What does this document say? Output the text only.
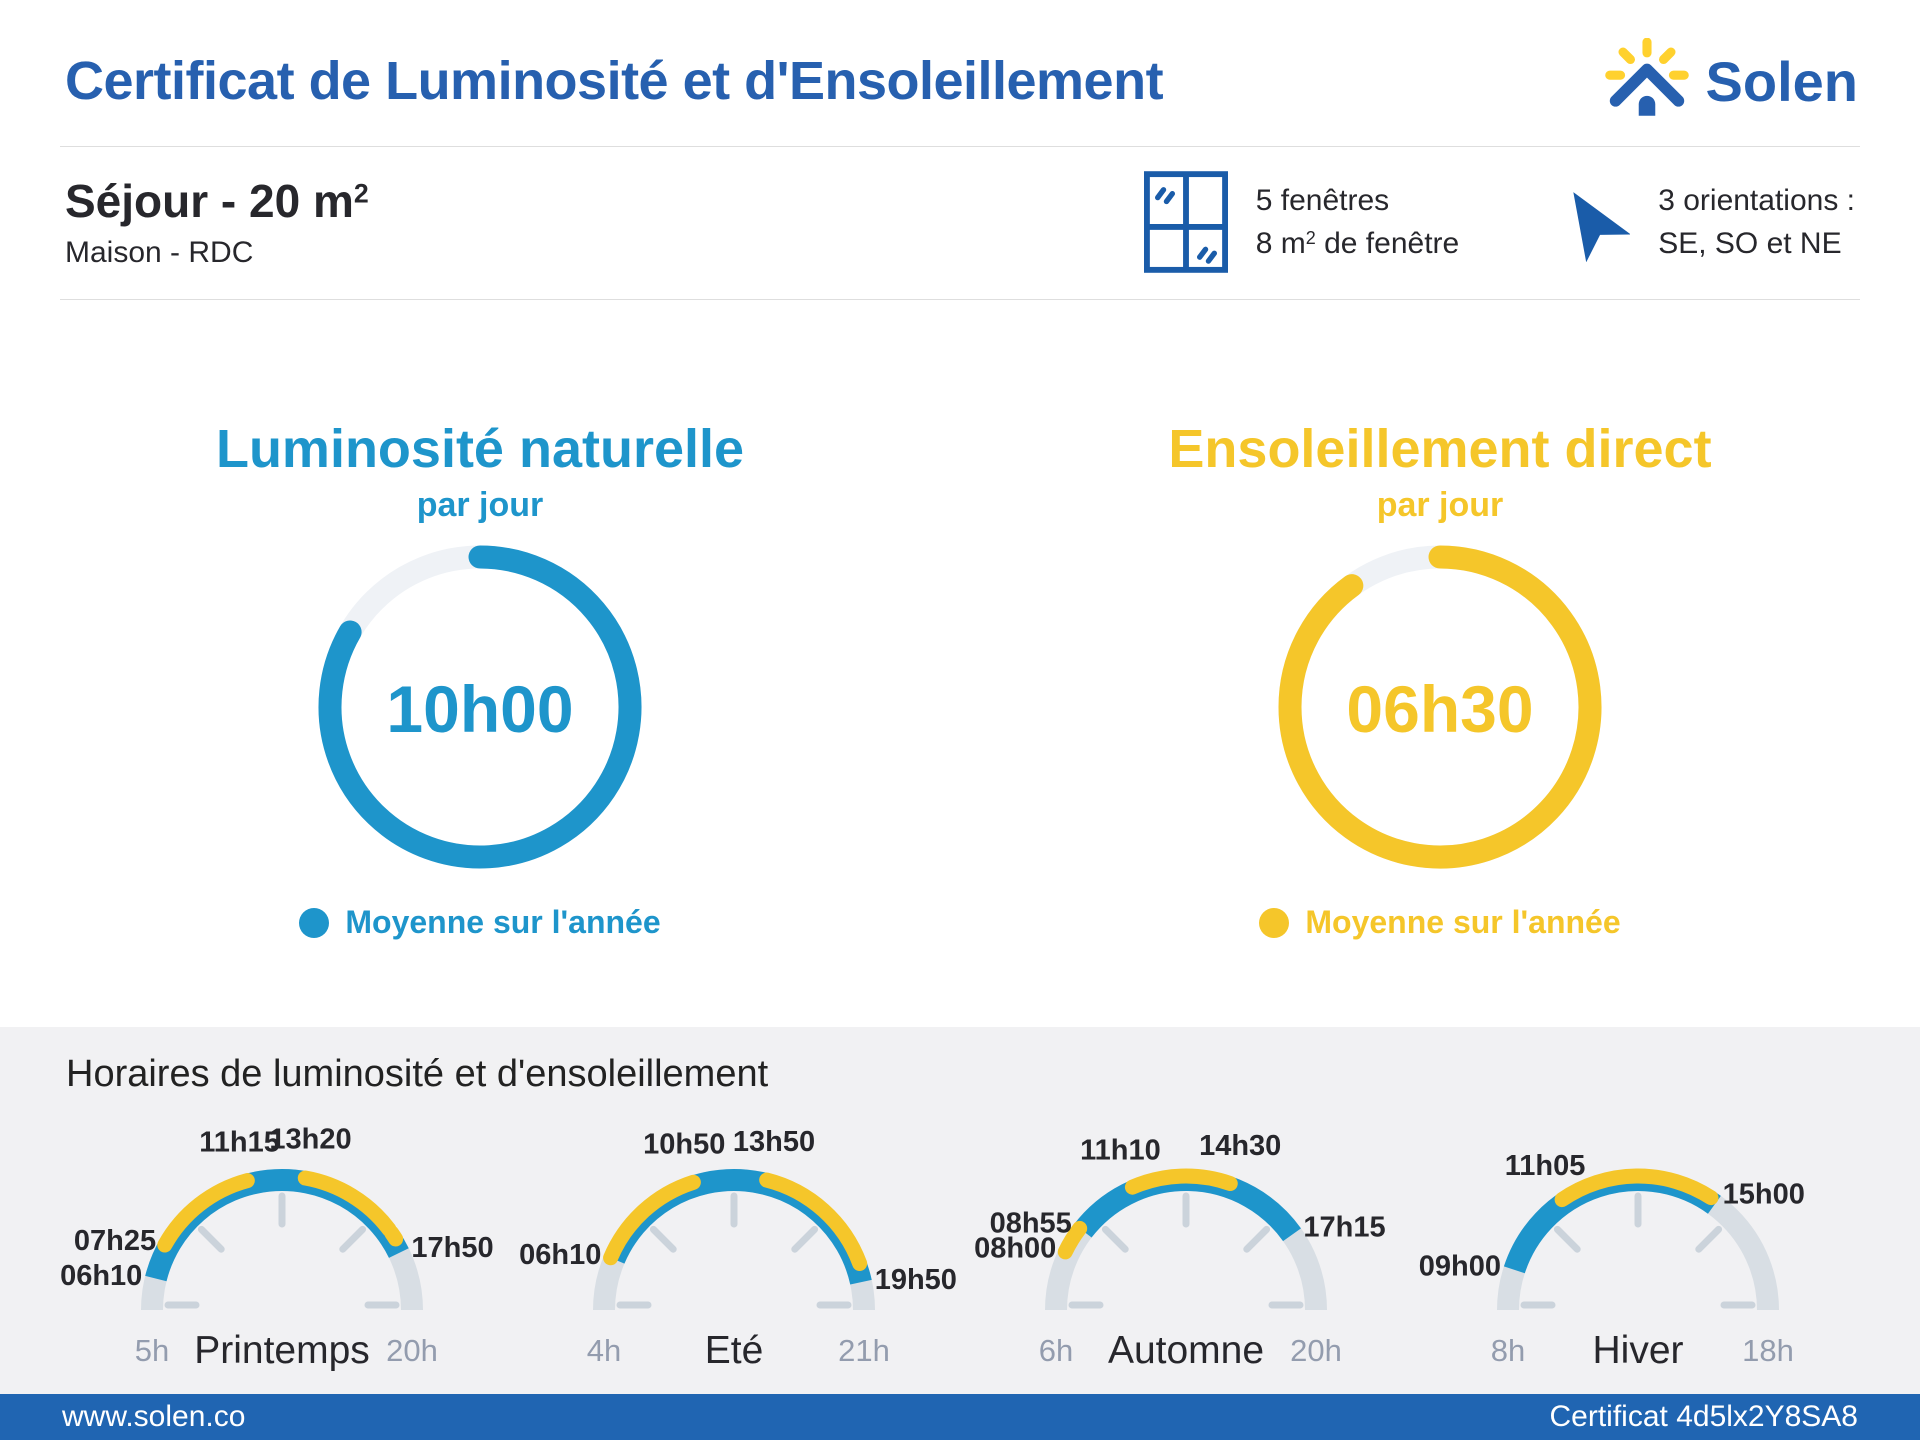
Certificat de Luminosité et d'Ensoleillement	Solen
Séjour - 20 $m^2$
Maison - RDC
5 fenêtres
8 $m^2$ de fenêtre
3 orientations :
SE, SO et NE
Luminosité naturelle
par jour
10h00
Moyenne sur l'année
Ensoleillement direct
par jour
06h30
Moyenne sur l'année
Horaires de luminosité et d'ensoleillement
06h10
07h25
11h15
13h20
17h50
5h	20h
Printemps
06h10
10h50 13h50
19h50
4h	21h
Eté
08h00
08h55
11h10 14h30
17h15
6h	20h
Automne
09h00
11h05
15h00
8h	18h
Hiver
www.solen.co	Certificat 4d5lx2Y8SA8
